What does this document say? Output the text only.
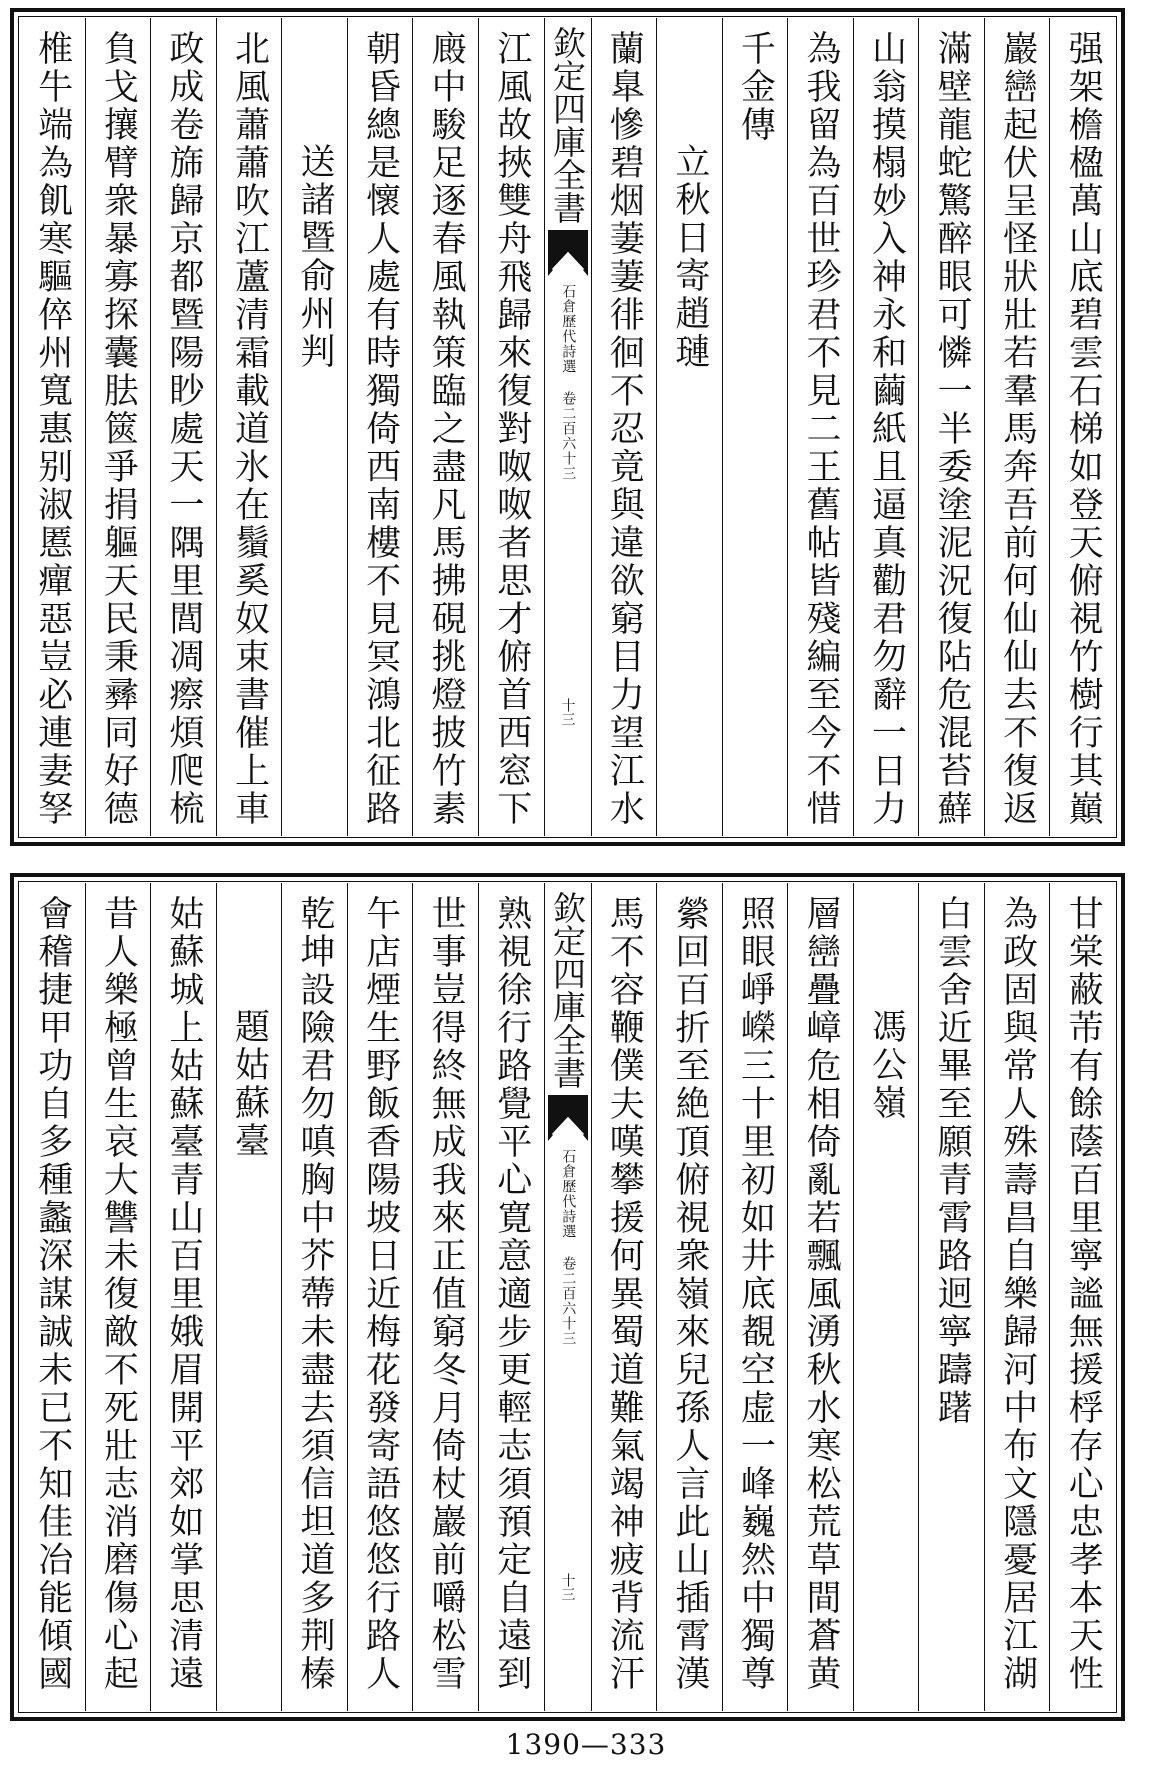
强架檐楹萬山底碧雲石梯如登天俯視竹樹行其巔
巖巒起伏呈怪狀壯若羣馬奔吾前何仙仙去不復返
滿壁龍蛇驚醉眼可憐一半委塗泥況復阽危混苔蘚
山翁摸榻妙入神永和繭紙且逼真勸君勿辭一日力
為我留為百世珍君不見二王舊帖皆殘編至今不惜
千金傳
立秋日寄趙璉
蘭臯慘碧烟萋萋徘徊不忍竟與違欲窮目力望江水
欽定四庫全書
石倉歷代詩選 卷二百六十三
十三
江風故挾雙舟飛歸來復對呶呶者思才俯首西窓下
廄中駿足逐春風執策臨之盡凡馬拂硯挑燈披竹素
朝昏總是懷人處有時獨倚西南樓不見冥鴻北征路
送諸暨俞州判
北風蕭蕭吹江蘆清霜載道氷在鬚奚奴束書催上車
政成卷旆歸京都暨陽眇處天一隅里閭凋瘵煩爬梳
負戈攘臂衆暴寡探囊胠篋爭捐軀天民秉彞同好德
椎牛端為飢寒驅倅州寬惠别淑慝癉惡豈必連妻孥
甘棠蔽芾有餘蔭百里寧謐無援桴存心忠孝本天性
為政固與常人殊壽昌自樂歸河中布文隱憂居江湖
白雲舍近畢至願青霄路迥寧躊躇
馮公嶺
層巒疊嶂危相倚亂若飄風湧秋水寒松荒草間蒼黄
照眼崢嶸三十里初如井底覩空虚一峰巍然中獨尊
縈回百折至絶頂俯視衆嶺來兒孫人言此山插霄漢
馬不容鞭僕夫嘆攀援何異蜀道難氣竭神疲背流汗
欽定四庫全書
石倉歷代詩選 卷二百六十三
十三
熟視徐行路覺平心寛意適步更輕志須預定自遠到
世事豈得終無成我來正值窮冬月倚杖巖前嚼松雪
午店煙生野飯香陽坡日近梅花發寄語悠悠行路人
乾坤設險君勿嗔胸中芥蔕未盡去須信坦道多荆榛
題姑蘇臺
姑蘇城上姑蘇臺青山百里娥眉開平郊如掌思清遠
昔人樂極曾生哀大讐未復敵不死壯志消磨傷心起
會稽捷甲功自多種蠡深謀誠未已不知佳冶能傾國
1390—333
